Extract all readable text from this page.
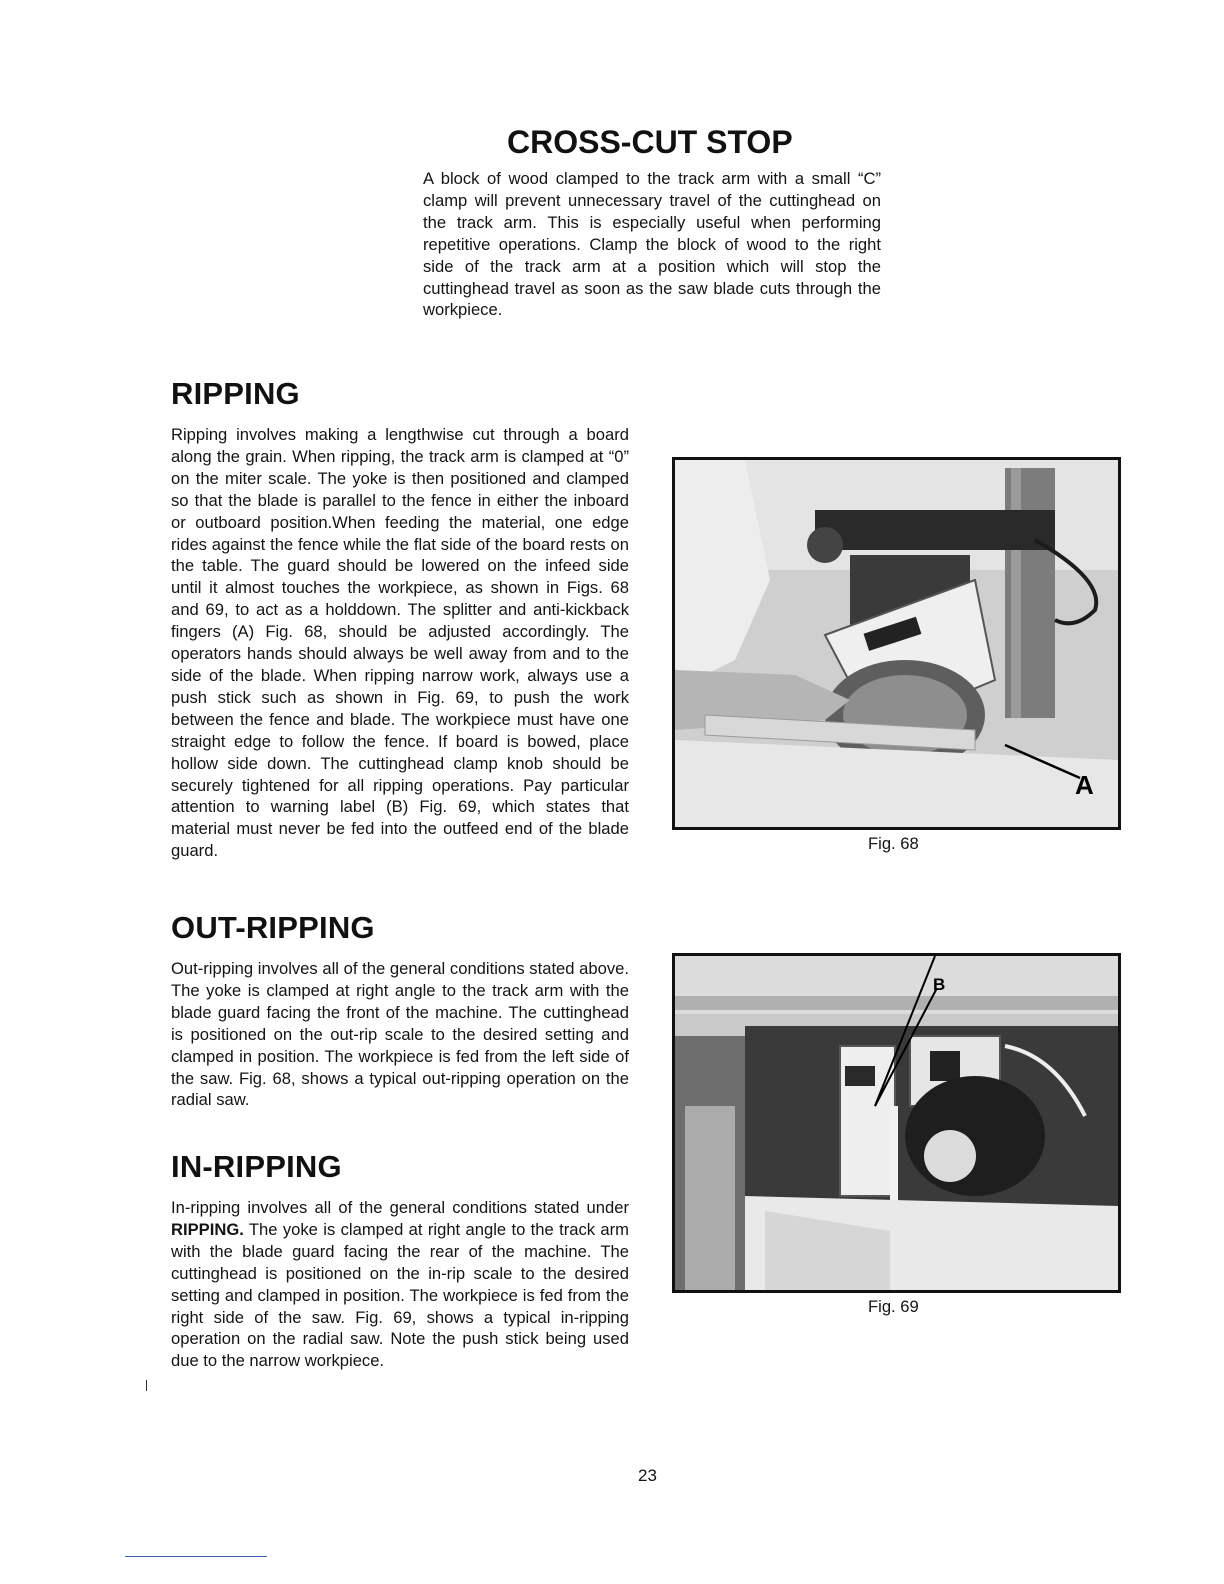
CROSS-CUT STOP

A block of wood clamped to the track arm with a small “C” clamp will prevent unnecessary travel of the cuttinghead on the track arm. This is especially useful when performing repetitive operations. Clamp the block of wood to the right side of the track arm at a position which will stop the cuttinghead travel as soon as the saw blade cuts through the workpiece.

RIPPING

Ripping involves making a lengthwise cut through a board along the grain. When ripping, the track arm is clamped at “0” on the miter scale. The yoke is then positioned and clamped so that the blade is parallel to the fence in either the inboard or outboard position.When feeding the material, one edge rides against the fence while the flat side of the board rests on the table. The guard should be lowered on the infeed side until it almost touches the workpiece, as shown in Figs. 68 and 69, to act as a holddown. The splitter and anti-kickback fingers (A) Fig. 68, should be adjusted accordingly. The operators hands should always be well away from and to the side of the blade. When ripping narrow work, always use a push stick such as shown in Fig. 69, to push the work between the fence and blade. The workpiece must have one straight edge to follow the fence. If board is bowed, place hollow side down. The cuttinghead clamp knob should be securely tightened for all ripping operations. Pay particular attention to warning label (B) Fig. 69, which states that material must never be fed into the outfeed end of the blade guard.

A

Fig. 68

OUT-RIPPING

Out-ripping involves all of the general conditions stated above. The yoke is clamped at right angle to the track arm with the blade guard facing the front of the machine. The cuttinghead is positioned on the out-rip scale to the desired setting and clamped in position. The workpiece is fed from the left side of the saw. Fig. 68, shows a typical out-ripping operation on the radial saw.

B

Fig. 69

IN-RIPPING

In-ripping involves all of the general conditions stated under RIPPING. The yoke is clamped at right angle to the track arm with the blade guard facing the rear of the machine. The cuttinghead is positioned on the in-rip scale to the desired setting and clamped in position. The workpiece is fed from the right side of the saw. Fig. 69, shows a typical in-ripping operation on the radial saw. Note the push stick being used due to the narrow workpiece.

23
